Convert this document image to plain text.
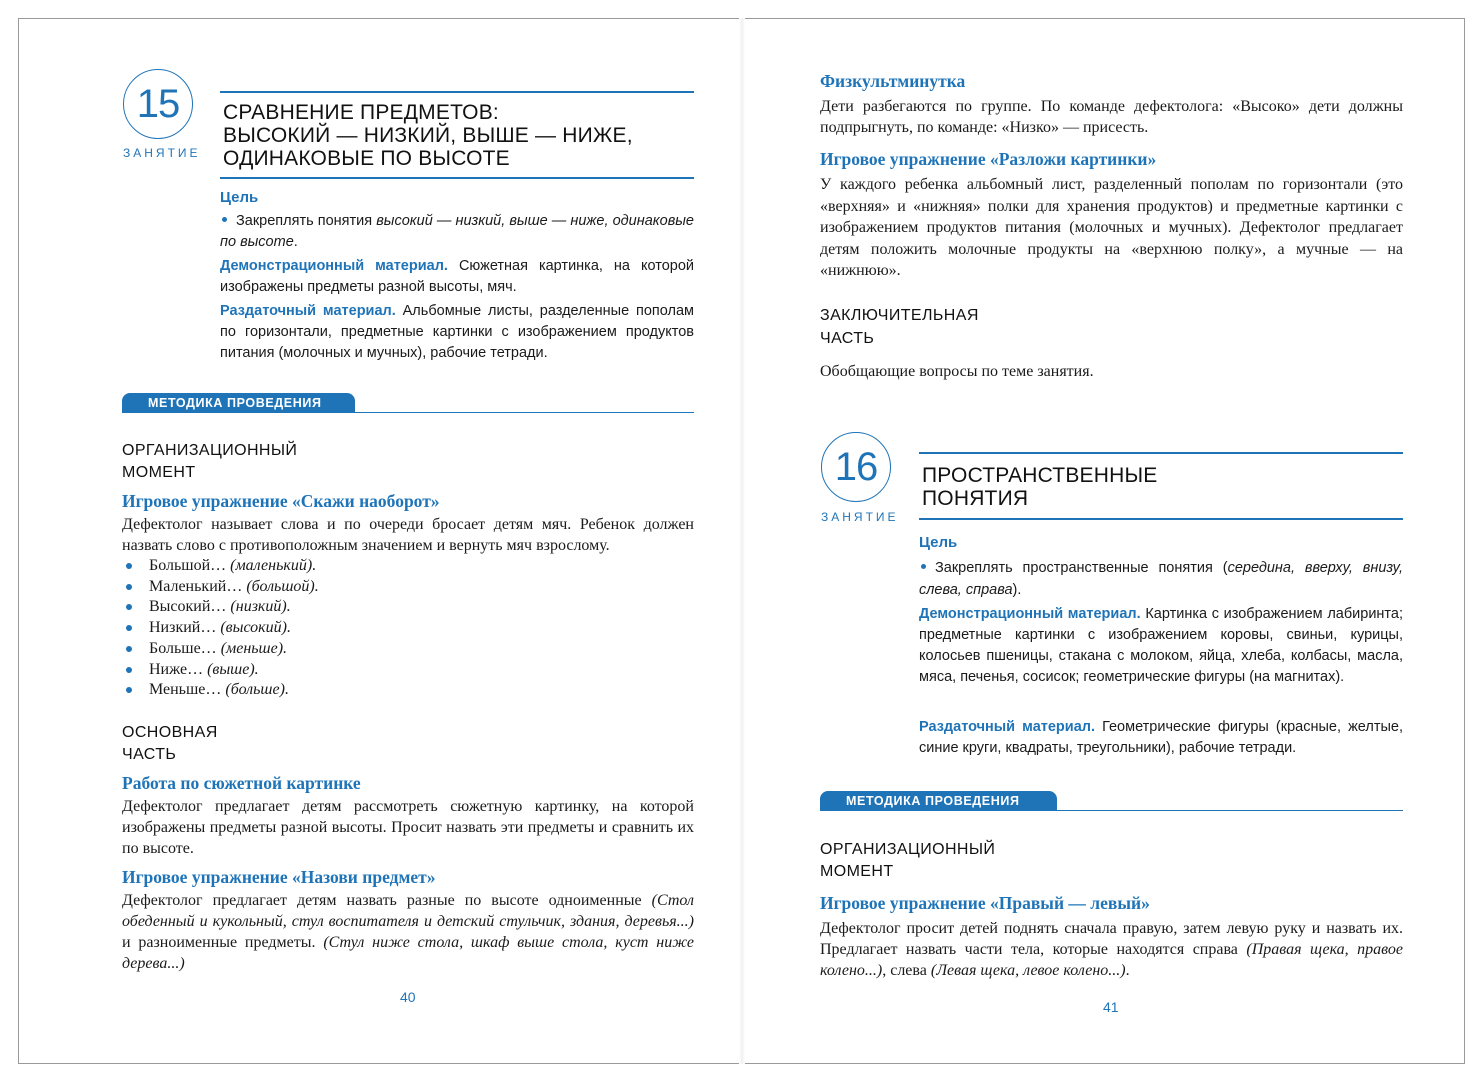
15
ЗАНЯТИЕ
СРАВНЕНИЕ ПРЕДМЕТОВ:
ВЫСОКИЙ — НИЗКИЙ, ВЫШЕ — НИЖЕ,
ОДИНАКОВЫЕ ПО ВЫСОТЕ
Цель
Закреплять понятия высокий — низкий, выше — ниже, одинаковые по высоте.
Демонстрационный материал. Сюжетная картинка, на которой изображены предметы разной высоты, мяч.
Раздаточный материал. Альбомные листы, разделенные пополам по горизонтали, предметные картинки с изображением продуктов питания (молочных и мучных), рабочие тетради.
МЕТОДИКА ПРОВЕДЕНИЯ
ОРГАНИЗАЦИОННЫЙ
МОМЕНТ
Игровое упражнение «Скажи наоборот»
Дефектолог называет слова и по очереди бросает детям мяч. Ребенок должен назвать слово с противоположным значением и вернуть мяч взрослому.
Большой… (маленький).
Маленький… (большой).
Высокий… (низкий).
Низкий… (высокий).
Больше… (меньше).
Ниже… (выше).
Меньше… (больше).
ОСНОВНАЯ
ЧАСТЬ
Работа по сюжетной картинке
Дефектолог предлагает детям рассмотреть сюжетную картинку, на которой изображены предметы разной высоты. Просит назвать эти предметы и сравнить их по высоте.
Игровое упражнение «Назови предмет»
Дефектолог предлагает детям назвать разные по высоте одноименные (Стол обеденный и кукольный, стул воспитателя и детский стульчик, здания, деревья...) и разноименные предметы. (Стул ниже стола, шкаф выше стола, куст ниже дерева...)
40
Физкультминутка
Дети разбегаются по группе. По команде дефектолога: «Высоко» дети должны подпрыгнуть, по команде: «Низко» — присесть.
Игровое упражнение «Разложи картинки»
У каждого ребенка альбомный лист, разделенный пополам по горизонтали (это «верхняя» и «нижняя» полки для хранения продуктов) и предметные картинки с изображением продуктов питания (молочных и мучных). Дефектолог предлагает детям положить молочные продукты на «верхнюю полку», а мучные — на «нижнюю».
ЗАКЛЮЧИТЕЛЬНАЯ
ЧАСТЬ
Обобщающие вопросы по теме занятия.
16
ЗАНЯТИЕ
ПРОСТРАНСТВЕННЫЕ
ПОНЯТИЯ
Цель
Закреплять пространственные понятия (середина, вверху, внизу, слева, справа).
Демонстрационный материал. Картинка с изображением лабиринта; предметные картинки с изображением коровы, свиньи, курицы, колосьев пшеницы, стакана с молоком, яйца, хлеба, колбасы, масла, мяса, печенья, сосисок; геометрические фигуры (на магнитах).
Раздаточный материал. Геометрические фигуры (красные, желтые, синие круги, квадраты, треугольники), рабочие тетради.
МЕТОДИКА ПРОВЕДЕНИЯ
ОРГАНИЗАЦИОННЫЙ
МОМЕНТ
Игровое упражнение «Правый — левый»
Дефектолог просит детей поднять сначала правую, затем левую руку и назвать их. Предлагает назвать части тела, которые находятся справа (Правая щека, правое колено...), слева (Левая щека, левое колено...).
41
